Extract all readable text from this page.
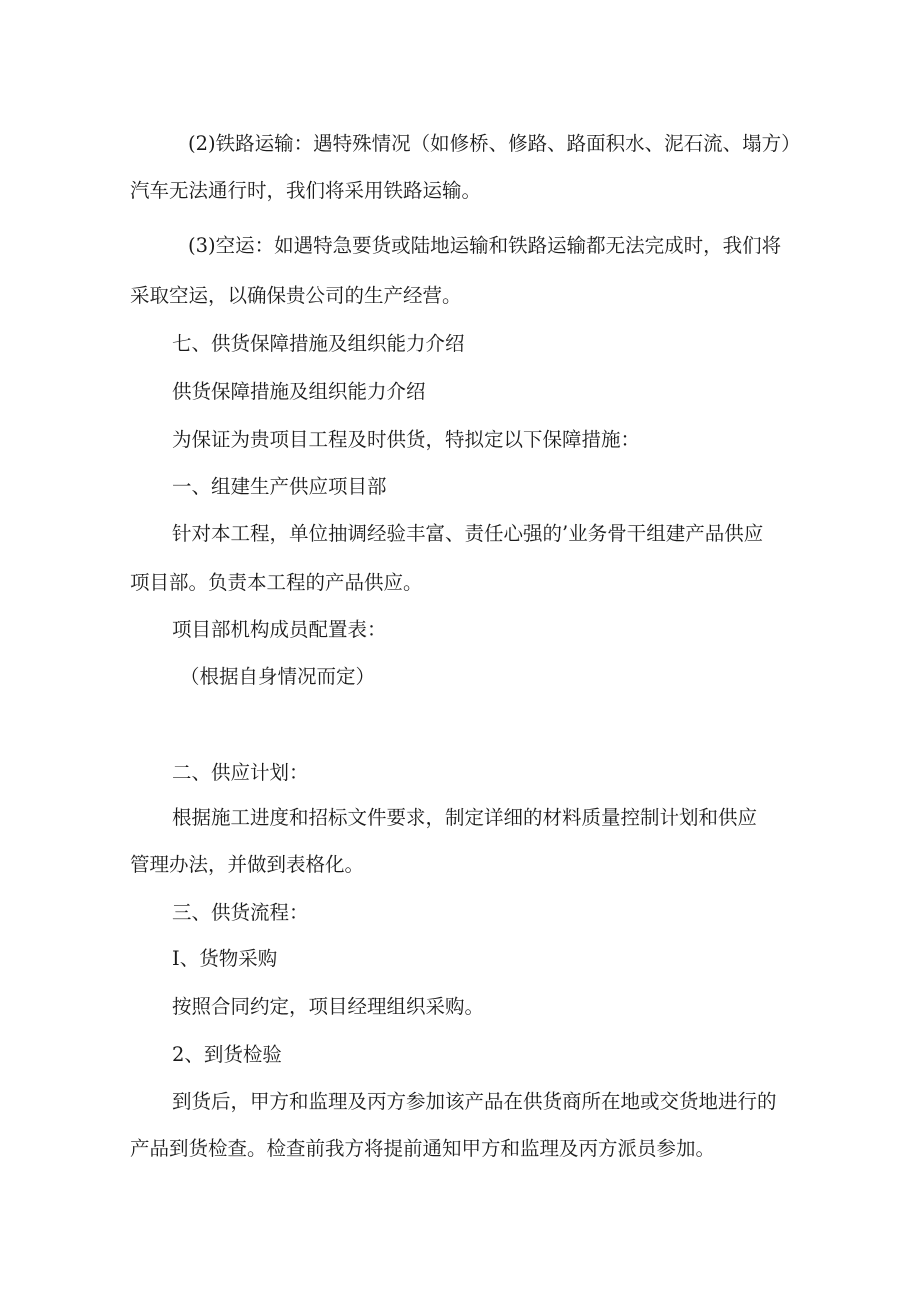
(2)铁路运输：遇特殊情况（如修桥、修路、路面积水、泥石流、塌方）
汽车无法通行时，我们将采用铁路运输。
(3)空运：如遇特急要货或陆地运输和铁路运输都无法完成时，我们将
采取空运，以确保贵公司的生产经营。
七、供货保障措施及组织能力介绍
供货保障措施及组织能力介绍
为保证为贵项目工程及时供货，特拟定以下保障措施：
一、组建生产供应项目部
针对本工程，单位抽调经验丰富、责任心强的’业务骨干组建产品供应
项目部。负责本工程的产品供应。
项目部机构成员配置表：
（根据自身情况而定）
二、供应计划：
根据施工进度和招标文件要求，制定详细的材料质量控制计划和供应
管理办法，并做到表格化。
三、供货流程：
I、货物采购
按照合同约定，项目经理组织采购。
2、到货检验
到货后，甲方和监理及丙方参加该产品在供货商所在地或交货地进行的
产品到货检查。检查前我方将提前通知甲方和监理及丙方派员参加。
